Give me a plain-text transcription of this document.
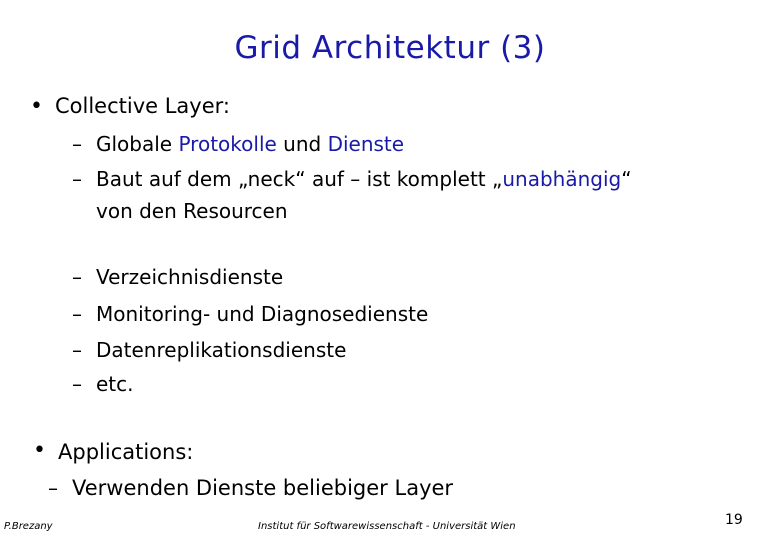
Grid Architektur (3)
• Collective Layer:
– Globale Protokolle und Dienste
– Baut auf dem „neck“ auf – ist komplett „unabhängig“
von den Resourcen
– Verzeichnisdienste
– Monitoring- und Diagnosedienste
– Datenreplikationsdienste
– etc.
• Applications:
– Verwenden Dienste beliebiger Layer
P.Brezany	Institut für Softwarewissenschaft - Universität Wien	19
